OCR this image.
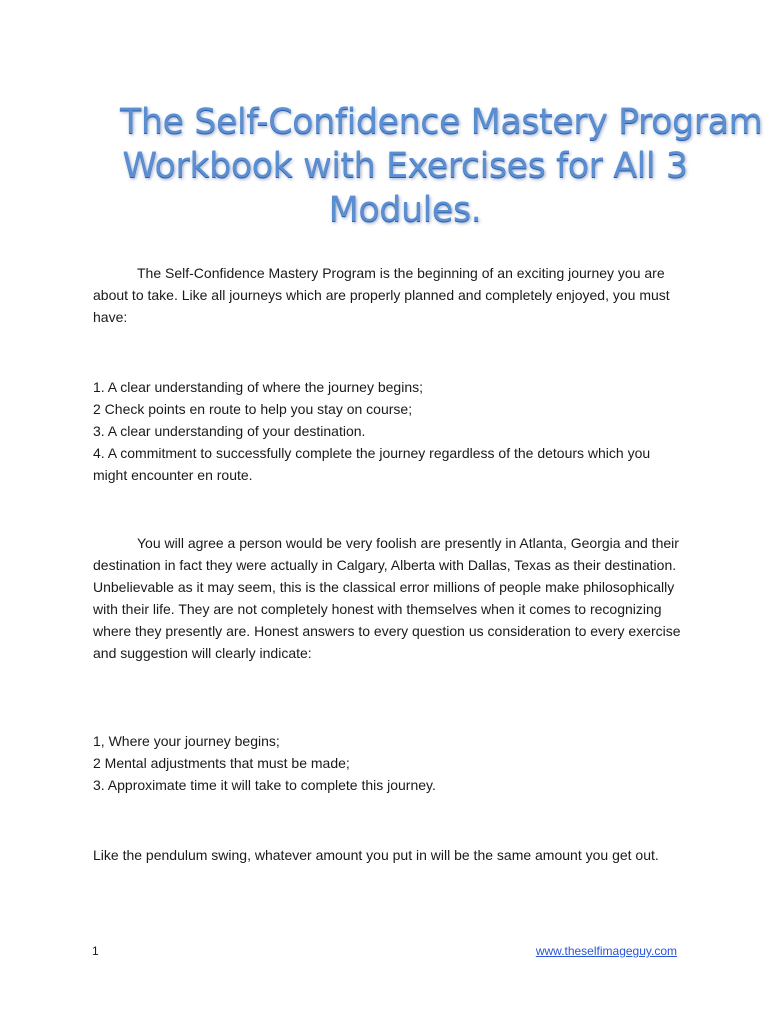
The Self-Confidence Mastery Program
Workbook with Exercises for All 3
Modules.

The Self-Confidence Mastery Program is the beginning of an exciting journey you are about to take. Like all journeys which are properly planned and completely enjoyed, you must have:

1. A clear understanding of where the journey begins;
2 Check points en route to help you stay on course;
3. A clear understanding of your destination.
4. A commitment to successfully complete the journey regardless of the detours which you might encounter en route.

You will agree a person would be very foolish are presently in Atlanta, Georgia and their destination in fact they were actually in Calgary, Alberta with Dallas, Texas as their destination. Unbelievable as it may seem, this is the classical error millions of people make philosophically with their life. They are not completely honest with themselves when it comes to recognizing where they presently are. Honest answers to every question us consideration to every exercise and suggestion will clearly indicate:

1, Where your journey begins;
2 Mental adjustments that must be made;
3. Approximate time it will take to complete this journey.

Like the pendulum swing, whatever amount you put in will be the same amount you get out.

1	www.theselfimageguy.com
